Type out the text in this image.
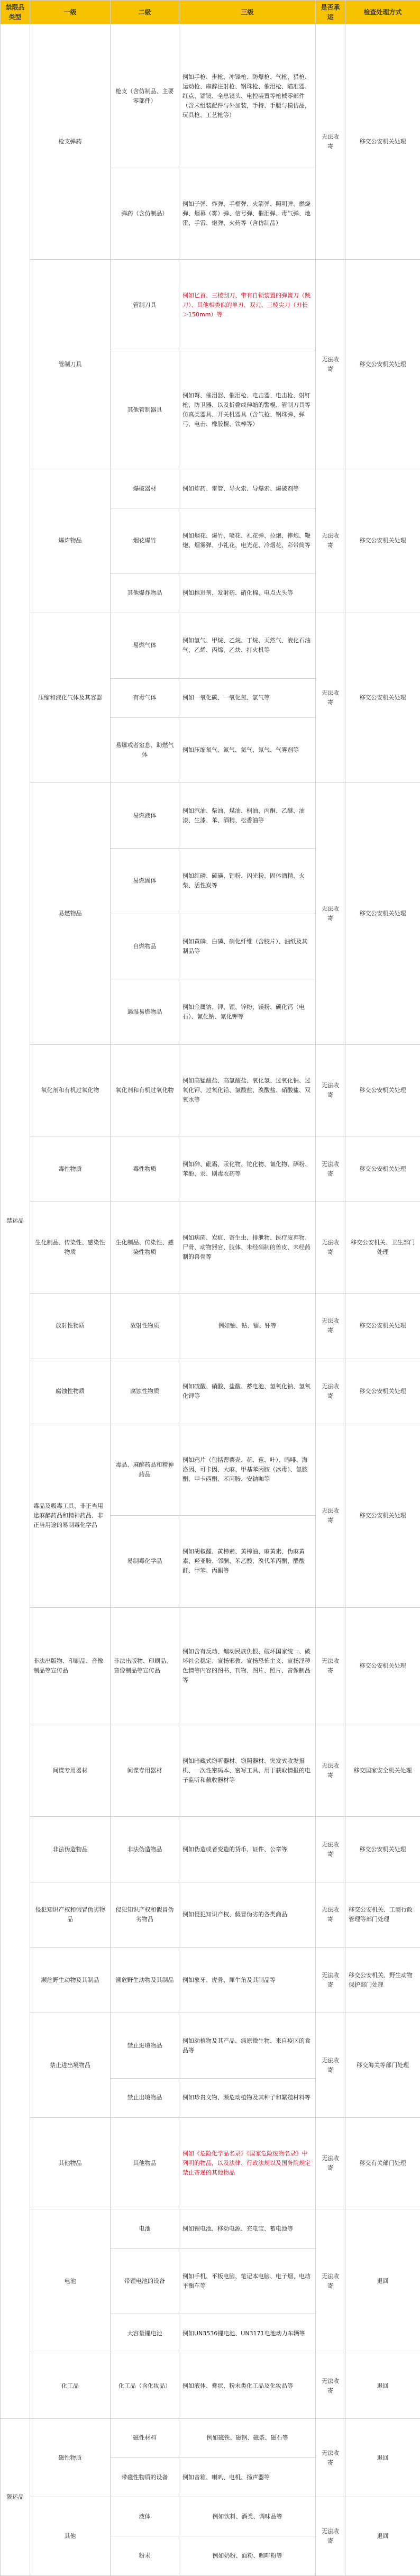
禁限品类型	一级	二级	三级	是否承运	检查处理方式
禁运品	枪支弹药	枪支（含仿制品、主要零部件）	例如手枪、步枪、冲锋枪、防爆枪、气枪、猎枪、运动枪、麻醉注射枪、钢珠枪、催泪枪、瞄准器、红点、镭镜、全息镜头、电控装置等枪械零部件（含未组装配件与外加装，手持、手腰与模仿品，玩具枪、工艺枪等）	无法收寄	移交公安机关处理
		弹药（含仿制品）	例如子弹、炸弹、手榴弹、火箭弹、照明弹、燃烧弹、烟幕（雾）弹、信号弹、催泪弹、毒气弹、地雷、手雷、炮弹、火药等（含仿制品）		
	管制刀具	管制刀具	例如匕首、三棱刮刀、带有自锁装置的弹簧刀（跳刀）、其他相类似的单刃、双刃、三棱尖刀（刃长＞150mm）等	无法收寄	移交公安机关处理
		其他管制器具	例如弩、催泪器、催泪枪、电击器、电击枪、射钉枪、防卫器、以及折叠或伸缩的警棍、管制刀具等仿真类器具、开关机器具（含气枪、钢珠弹、弹弓、电击、橡胶棍、铁棒等）		
	爆炸物品	爆破器材	例如炸药、雷管、导火索、导爆索、爆破剂等	无法收寄	移交公安机关处理
		烟花爆竹	例如烟花、爆竹、喷花、礼花弹、拉炮、摔炮、鞭炮、烟雾弹、小礼花、电光花、冷烟花、彩带筒等		
		其他爆炸物品	例如推进剂、发射药、硝化棉、电点火头等		
	压缩和液化气体及其容器	易燃气体	例如氢气、甲烷、乙烷、丁烷、天然气、液化石油气、乙烯、丙烯、乙炔、打火机等	无法收寄	移交公安机关处理
		有毒气体	例如一氧化碳、一氧化氮、氯气等		
		易爆或者窒息、助燃气体	例如压缩氧气、氮气、氦气、氖气、气雾剂等		
	易燃物品	易燃液体	例如汽油、柴油、煤油、桐油、丙酮、乙醚、油漆、生漆、苯、酒精、松香油等	无法收寄	移交公安机关处理
		易燃固体	例如红磷、硫磺、铝粉、闪光粉、固体酒精、火柴、活性炭等		
		自燃物品	例如黄磷、白磷、硝化纤维（含胶片）、油纸及其制品等		
		遇湿易燃物品	例如金属钠、钾、锂、锌粉、镁粉、碳化钙（电石）、氰化钠、氰化钾等		
	氧化剂和有机过氧化物	氧化剂和有机过氧化物	例如高锰酸盐、高氯酸盐、氧化氢、过氧化钠、过氧化钾、过氧化铅、氯酸盐、溴酸盐、硝酸盐、双氧水等	无法收寄	移交公安机关处理
	毒性物质	毒性物质	例如砷、砒霜、汞化物、铊化物、氰化物、硒粉、苯酚、汞、剧毒农药等	无法收寄	移交公安机关处理
	生化制品、传染性、感染性物质	生化制品、传染性、感染性物质	例如病菌、炭疽、寄生虫、排泄物、医疗废弃物、尸骨、动物器官、肢体、未经硝制的兽皮、未经药制的兽骨等	无法收寄	移交公安机关、卫生部门处理
	放射性物质	放射性物质	例如铀、钴、镭、钚等	无法收寄	移交公安机关处理
	腐蚀性物质	腐蚀性物质	例如硫酸、硝酸、盐酸、蓄电池、氢氧化钠、氢氧化钾等	无法收寄	移交公安机关处理
	毒品及吸毒工具、非正当用途麻醉药品和精神药品、非正当用途的易制毒化学品	毒品、麻醉药品和精神药品	例如鸦片（包括罂粟壳、花、苞、叶）、吗啡、海洛因、可卡因、大麻、甲基苯丙胺（冰毒）、氯胺酮、甲卡西酮、苯丙胺、安钠咖等	无法收寄	移交公安机关处理
		易制毒化学品	例如胡椒醛、黄樟素、黄樟油、麻黄素、伪麻黄素、羟亚胺、邻酮、苯乙酸、溴代苯丙酮、醋酸酐、甲苯、丙酮等		
	非法出版物、印刷品、音像制品等宣传品	非法出版物、印刷品、音像制品等宣传品	例如含有反动、煽动民族仇恨、破坏国家统一、破坏社会稳定、宣扬邪教、宣扬恐怖主义、宣扬淫秽色情等内容的图书、刊物、图片、照片、音像制品等	无法收寄	移交公安机关处理
	间谍专用器材	间谍专用器材	例如暗藏式窃听器材、窃照器材、突发式收发报机、一次性密码本、密写工具、用于获取情报的电子监听和截收器材等	无法收寄	移交国家安全机关处理
	非法伪造物品	非法伪造物品	例如伪造或者变造的货币、证件、公章等	无法收寄	移交公安机关处理
	侵犯知识产权和假冒伪劣物品	侵犯知识产权和假冒伪劣物品	例如侵犯知识产权、假冒伪劣的各类商品	无法收寄	移交公安机关、工商行政管理等部门处理
	濒危野生动物及其制品	濒危野生动物及其制品	例如象牙、虎骨、犀牛角及其制品等	无法收寄	移交公安机关、野生动物保护部门处理
	禁止进出境物品	禁止进境物品	例如动植物及其产品、病原微生物、来自疫区的食品等	无法收寄	移交海关等部门处理
		禁止出境物品	例如珍贵文物、濒危动植物及其种子和繁殖材料等		
	其他物品	其他物品	例如《危险化学品名录》《国家危险废物名录》中列明的物品，以及法律、行政法规以及国务院规定禁止寄递的其他物品	无法收寄	移交有关部门处理
	电池	电池	例如锂电池、移动电源、充电宝、蓄电池等	无法收寄	退回
		带锂电池的设备	例如手机、平板电脑、笔记本电脑、电子烟、电动平衡车等		
		大容量锂电池	例如UN3536锂电池、UN3171电池动力车辆等		
	化工品	化工品（含化妆品）	例如液体、膏状、粉末类化工品及化妆品等	无法收寄	退回
限运品	磁性物质	磁性材料	例如磁铁、磁钢、磁条、磁石等	无法收寄	退回
		带磁性物质的设备	例如音箱、喇叭、电机、扬声器等		
	其他	液体	例如饮料、酒类、调味品等	无法收寄	退回
		粉末	例如奶粉、面粉、咖啡粉等		
